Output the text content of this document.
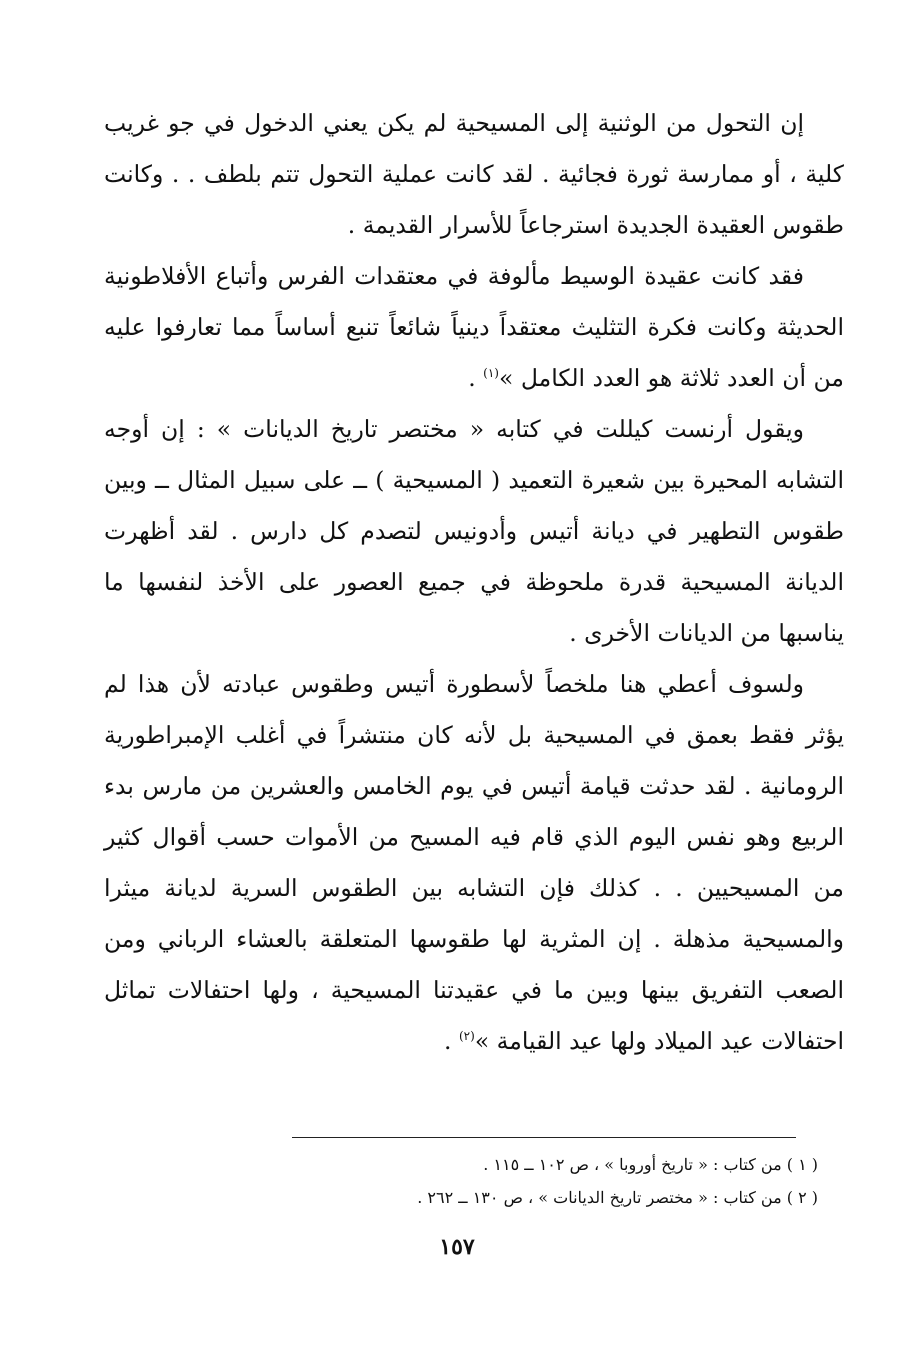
إن التحول من الوثنية إلى المسيحية لم يكن يعني الدخول في جو غريب كلية ، أو ممارسة ثورة فجائية . لقد كانت عملية التحول تتم بلطف . . وكانت طقوس العقيدة الجديدة استرجاعاً للأسرار القديمة .

فقد كانت عقيدة الوسيط مألوفة في معتقدات الفرس وأتباع الأفلاطونية الحديثة وكانت فكرة التثليث معتقداً دينياً شائعاً تنبع أساساً مما تعارفوا عليه من أن العدد ثلاثة هو العدد الكامل »$^{(١)}$ .

ويقول أرنست كيللت في كتابه « مختصر تاريخ الديانات » : إن أوجه التشابه المحيرة بين شعيرة التعميد ( المسيحية ) ــ على سبيل المثال ــ وبين طقوس التطهير في ديانة أتيس وأدونيس لتصدم كل دارس . لقد أظهرت الديانة المسيحية قدرة ملحوظة في جميع العصور على الأخذ لنفسها ما يناسبها من الديانات الأخرى .

ولسوف أعطي هنا ملخصاً لأسطورة أتيس وطقوس عبادته لأن هذا لم يؤثر فقط بعمق في المسيحية بل لأنه كان منتشراً في أغلب الإمبراطورية الرومانية . لقد حدثت قيامة أتيس في يوم الخامس والعشرين من مارس بدء الربيع وهو نفس اليوم الذي قام فيه المسيح من الأموات حسب أقوال كثير من المسيحيين . . كذلك فإن التشابه بين الطقوس السرية لديانة ميثرا والمسيحية مذهلة . إن المثرية لها طقوسها المتعلقة بالعشاء الرباني ومن الصعب التفريق بينها وبين ما في عقيدتنا المسيحية ، ولها احتفالات تماثل احتفالات عيد الميلاد ولها عيد القيامة »$^{(٢)}$ .

( ١ ) من كتاب : « تاريخ أوروبا » ، ص ١٠٢ ــ ١١٥ .

( ٢ ) من كتاب : « مختصر تاريخ الديانات » ، ص ١٣٠ ــ ٢٦٢ .

١٥٧
